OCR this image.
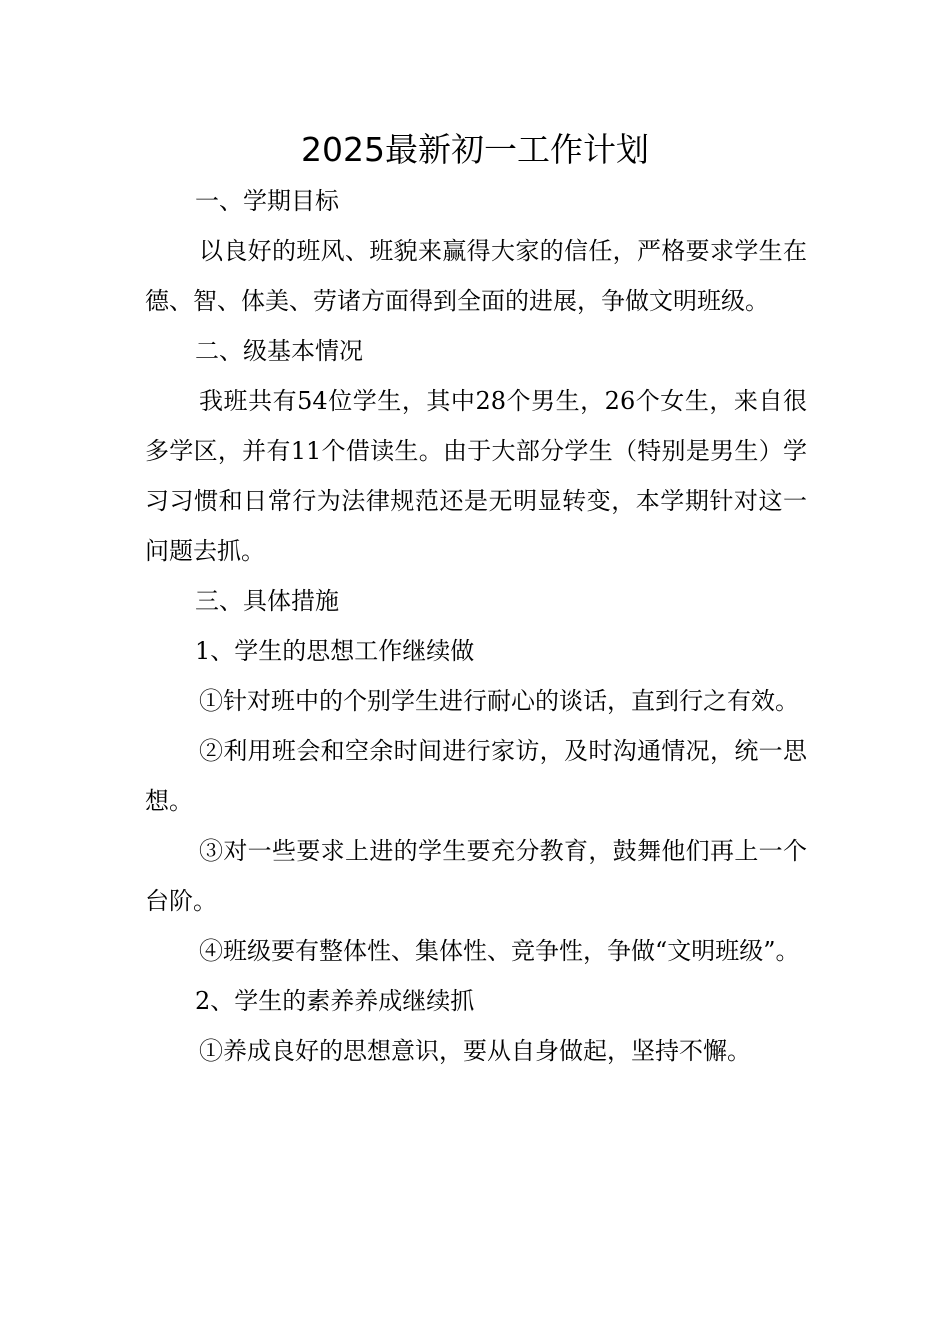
2025最新初一工作计划

一、学期目标

以良好的班风、班貌来赢得大家的信任，严格要求学生在德、智、体美、劳诸方面得到全面的进展，争做文明班级。

二、级基本情况

我班共有54位学生，其中28个男生，26个女生，来自很多学区，并有11个借读生。由于大部分学生（特别是男生）学习习惯和日常行为法律规范还是无明显转变，本学期针对这一问题去抓。

三、具体措施

1、学生的思想工作继续做

①针对班中的个别学生进行耐心的谈话，直到行之有效。

②利用班会和空余时间进行家访，及时沟通情况，统一思想。

③对一些要求上进的学生要充分教育，鼓舞他们再上一个台阶。

④班级要有整体性、集体性、竞争性，争做“文明班级”。

2、学生的素养养成继续抓

①养成良好的思想意识，要从自身做起，坚持不懈。
